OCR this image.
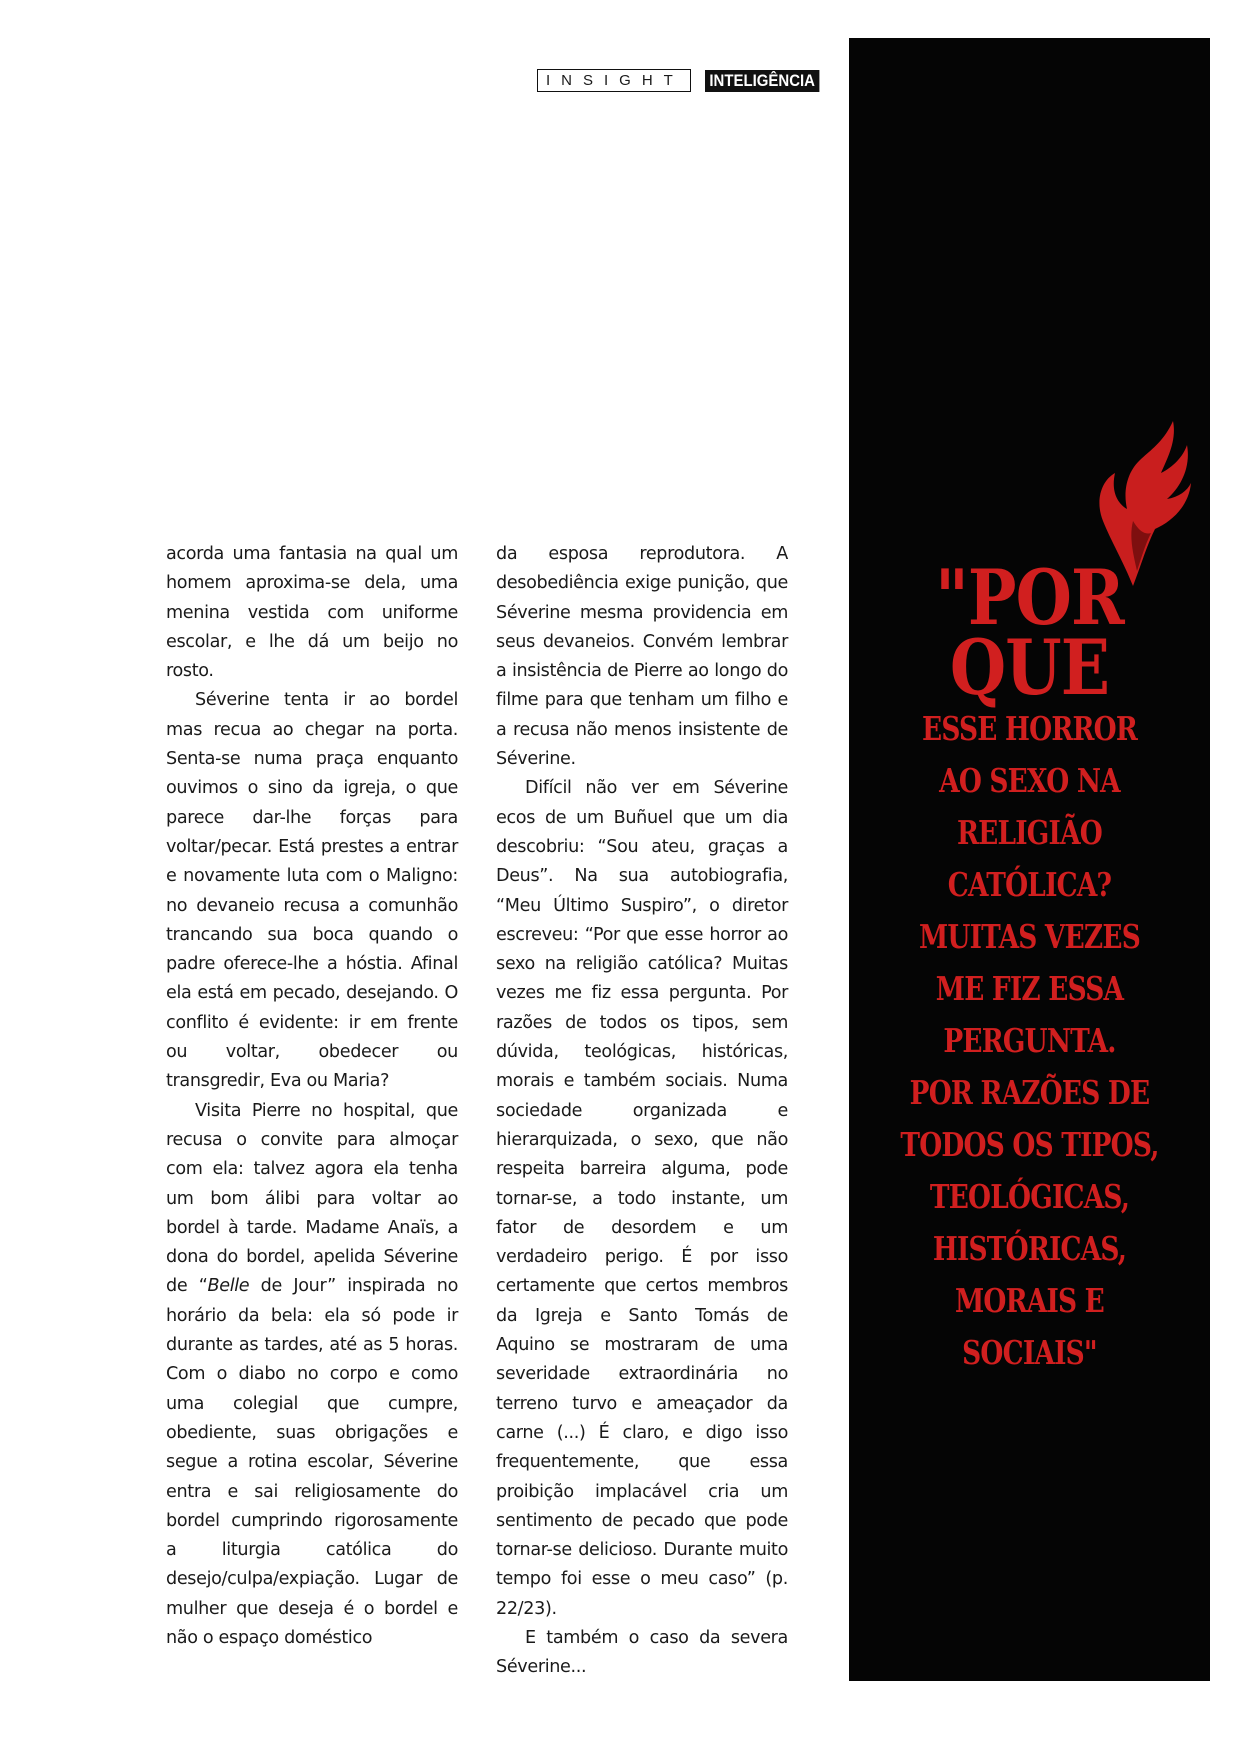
INSIGHT	INTELIGÊNCIA

acorda uma fantasia na qual um homem aproxima-se dela, uma menina vestida com uniforme escolar, e lhe dá um beijo no rosto.

Séverine tenta ir ao bordel mas recua ao chegar na porta. Senta-se numa praça enquanto ouvimos o sino da igreja, o que parece dar-lhe forças para voltar/pecar. Está prestes a entrar e novamente luta com o Maligno: no devaneio recusa a comunhão trancando sua boca quando o padre oferece-lhe a hóstia. Afinal ela está em pecado, desejando. O conflito é evidente: ir em frente ou voltar, obedecer ou transgredir, Eva ou Maria?

Visita Pierre no hospital, que recusa o convite para almoçar com ela: talvez agora ela tenha um bom álibi para voltar ao bordel à tarde. Madame Anaïs, a dona do bordel, apelida Séverine de “Belle de Jour” inspirada no horário da bela: ela só pode ir durante as tardes, até as 5 horas. Com o diabo no corpo e como uma colegial que cumpre, obediente, suas obrigações e segue a rotina escolar, Séverine entra e sai religiosamente do bordel cumprindo rigorosamente a liturgia católica do desejo/culpa/expiação. Lugar de mulher que deseja é o bordel e não o espaço doméstico

da esposa reprodutora. A desobediência exige punição, que Séverine mesma providencia em seus devaneios. Convém lembrar a insistência de Pierre ao longo do filme para que tenham um filho e a recusa não menos insistente de Séverine.

Difícil não ver em Séverine ecos de um Buñuel que um dia descobriu: “Sou ateu, graças a Deus”. Na sua autobiografia, “Meu Último Suspiro”, o diretor escreveu: “Por que esse horror ao sexo na religião católica? Muitas vezes me fiz essa pergunta. Por razões de todos os tipos, sem dúvida, teológicas, históricas, morais e também sociais. Numa sociedade organizada e hierarquizada, o sexo, que não respeita barreira alguma, pode tornar-se, a todo instante, um fator de desordem e um verdadeiro perigo. É por isso certamente que certos membros da Igreja e Santo Tomás de Aquino se mostraram de uma severidade extraordinária no terreno turvo e ameaçador da carne (...) É claro, e digo isso frequentemente, que essa proibição implacável cria um sentimento de pecado que pode tornar-se delicioso. Durante muito tempo foi esse o meu caso” (p. 22/23).

E também o caso da severa Séverine...

"POR
QUE
ESSE HORROR
AO SEXO NA
RELIGIÃO
CATÓLICA?
MUITAS VEZES
ME FIZ ESSA
PERGUNTA.
POR RAZÕES DE
TODOS OS TIPOS,
TEOLÓGICAS,
HISTÓRICAS,
MORAIS E
SOCIAIS"
